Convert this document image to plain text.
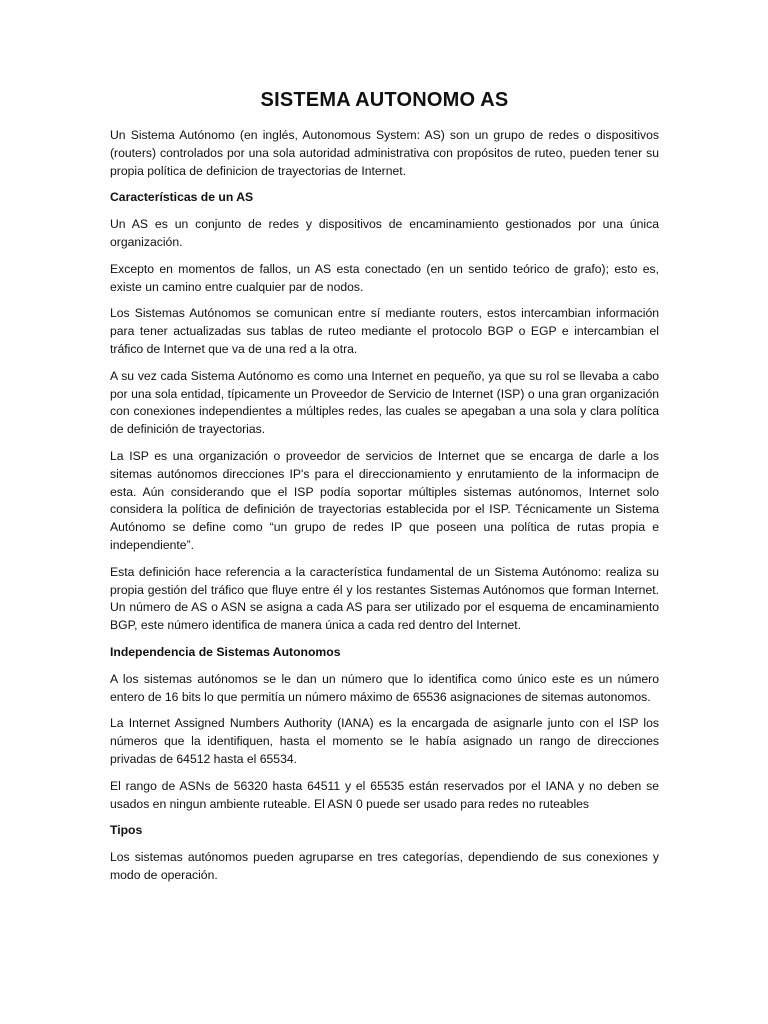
SISTEMA AUTONOMO AS
Un Sistema Autónomo (en inglés, Autonomous System: AS) son un grupo de redes o dispositivos (routers) controlados por una sola autoridad administrativa con propósitos de ruteo, pueden tener su propia política de definicion de trayectorias de Internet.
Características de un AS
Un AS es un conjunto de redes y dispositivos de encaminamiento gestionados por una única organización.
Excepto en momentos de fallos, un AS esta conectado (en un sentido teórico de grafo); esto es, existe un camino entre cualquier par de nodos.
Los Sistemas Autónomos se comunican entre sí mediante routers, estos intercambian información para tener actualizadas sus tablas de ruteo mediante el protocolo BGP o EGP e intercambian el tráfico de Internet que va de una red a la otra.
A su vez cada Sistema Autónomo es como una Internet en pequeño, ya que su rol se llevaba a cabo por una sola entidad, típicamente un Proveedor de Servicio de Internet (ISP) o una gran organización con conexiones independientes a múltiples redes, las cuales se apegaban a una sola y clara política de definición de trayectorias.
La ISP es una organización o proveedor de servicios de Internet que se encarga de darle a los sitemas autónomos direcciones IP's para el direccionamiento y enrutamiento de la informacipn de esta. Aún considerando que el ISP podía soportar múltiples sistemas autónomos, Internet solo considera la política de definición de trayectorias establecida por el ISP. Técnicamente un Sistema Autónomo se define como “un grupo de redes IP que poseen una política de rutas propia e independiente”.
Esta definición hace referencia a la característica fundamental de un Sistema Autónomo: realiza su propia gestión del tráfico que fluye entre él y los restantes Sistemas Autónomos que forman Internet. Un número de AS o ASN se asigna a cada AS para ser utilizado por el esquema de encaminamiento BGP, este número identifica de manera única a cada red dentro del Internet.
Independencia de Sistemas Autonomos
A los sistemas autónomos se le dan un número que lo identifica como único este es un número entero de 16 bits lo que permitía un número máximo de 65536 asignaciones de sitemas autonomos.
La Internet Assigned Numbers Authority (IANA) es la encargada de asignarle junto con el ISP los números que la identifiquen, hasta el momento se le había asignado un rango de direcciones privadas de 64512 hasta el 65534.
El rango de ASNs de 56320 hasta 64511 y el 65535 están reservados por el IANA y no deben se usados en ningun ambiente ruteable. El ASN 0 puede ser usado para redes no ruteables
Tipos
Los sistemas autónomos pueden agruparse en tres categorías, dependiendo de sus conexiones y modo de operación.
